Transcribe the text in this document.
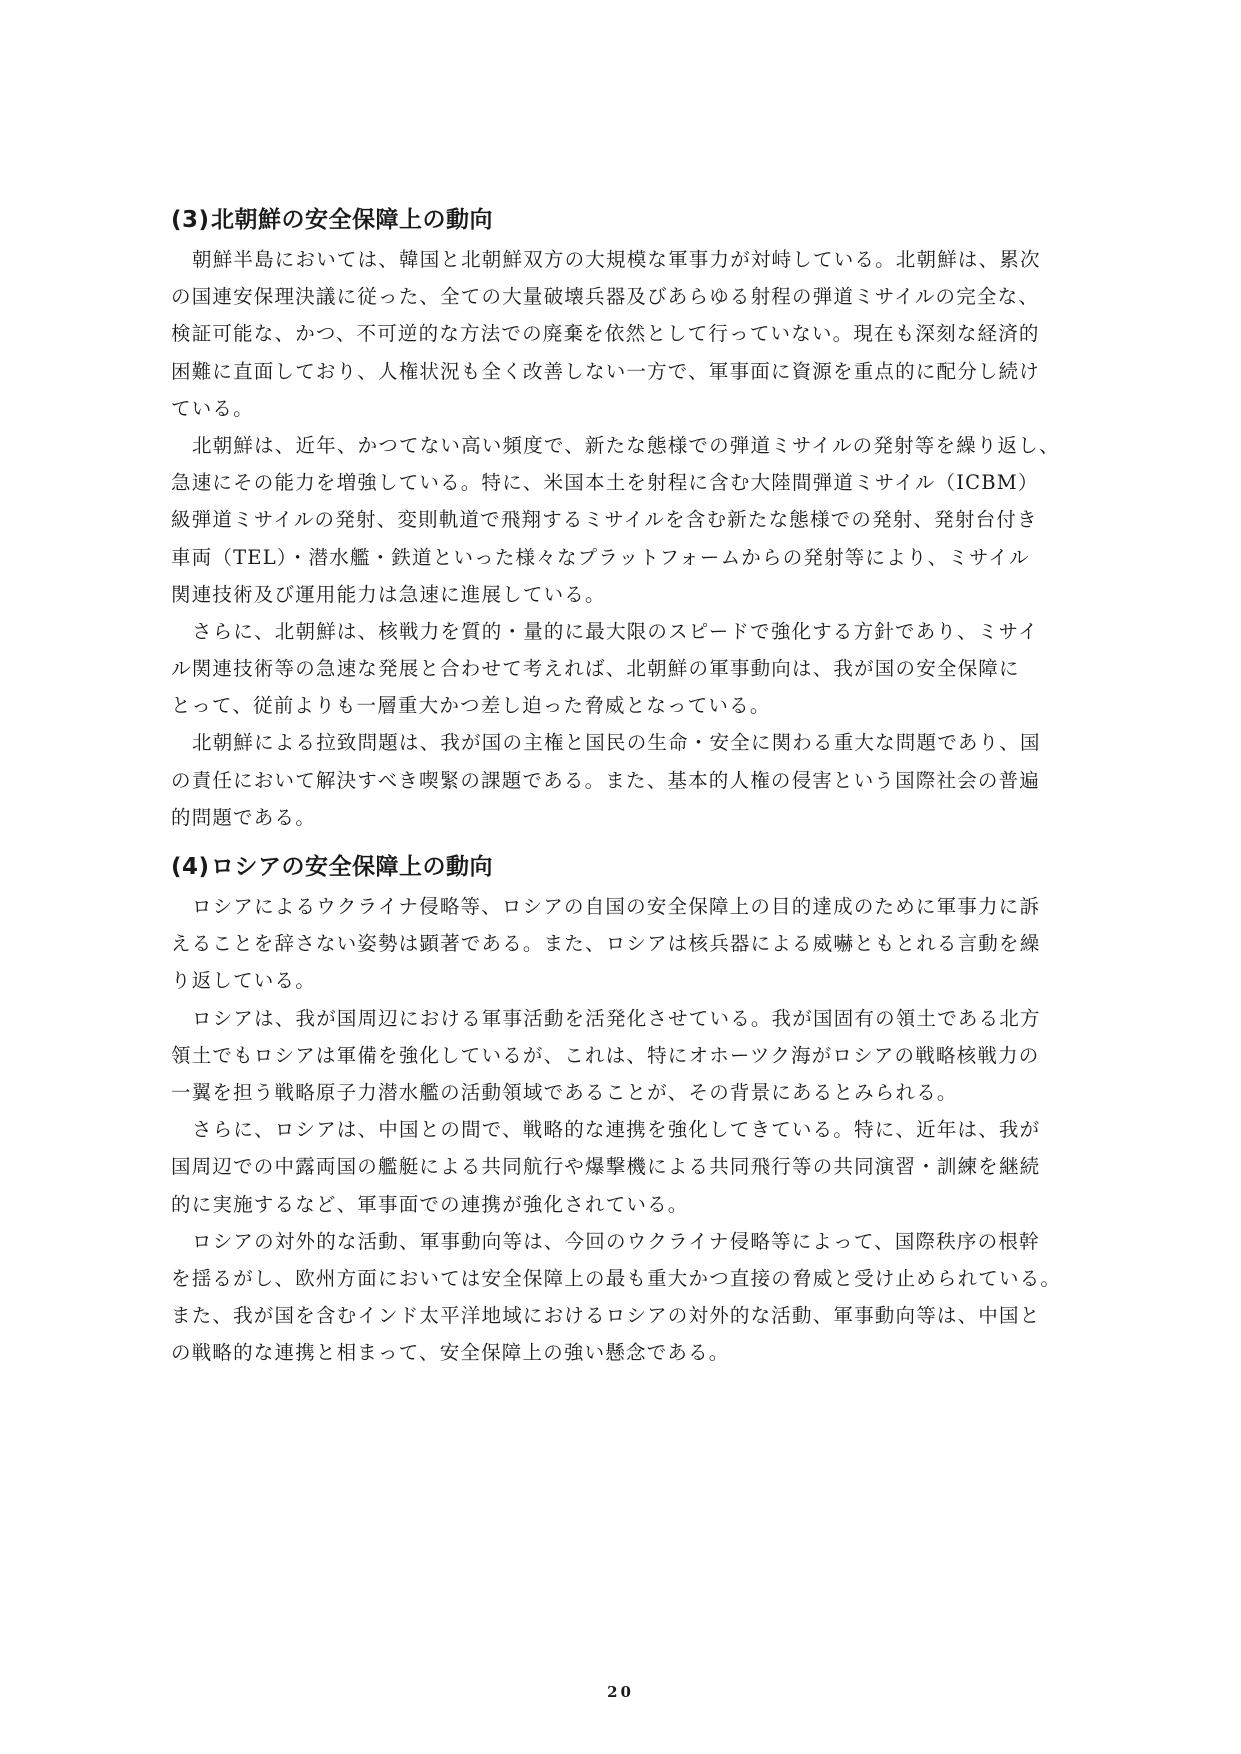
(3)北朝鮮の安全保障上の動向
朝鮮半島においては、韓国と北朝鮮双方の大規模な軍事力が対峙している。北朝鮮は、累次
の国連安保理決議に従った、全ての大量破壊兵器及びあらゆる射程の弾道ミサイルの完全な、
検証可能な、かつ、不可逆的な方法での廃棄を依然として行っていない。現在も深刻な経済的
困難に直面しており、人権状況も全く改善しない一方で、軍事面に資源を重点的に配分し続け
ている。
北朝鮮は、近年、かつてない高い頻度で、新たな態様での弾道ミサイルの発射等を繰り返し、
急速にその能力を増強している。特に、米国本土を射程に含む大陸間弾道ミサイル（ICBM）
級弾道ミサイルの発射、変則軌道で飛翔するミサイルを含む新たな態様での発射、発射台付き
車両（TEL）・潜水艦・鉄道といった様々なプラットフォームからの発射等により、ミサイル
関連技術及び運用能力は急速に進展している。
さらに、北朝鮮は、核戦力を質的・量的に最大限のスピードで強化する方針であり、ミサイ
ル関連技術等の急速な発展と合わせて考えれば、北朝鮮の軍事動向は、我が国の安全保障に
とって、従前よりも一層重大かつ差し迫った脅威となっている。
北朝鮮による拉致問題は、我が国の主権と国民の生命・安全に関わる重大な問題であり、国
の責任において解決すべき喫緊の課題である。また、基本的人権の侵害という国際社会の普遍
的問題である。
(4)ロシアの安全保障上の動向
ロシアによるウクライナ侵略等、ロシアの自国の安全保障上の目的達成のために軍事力に訴
えることを辞さない姿勢は顕著である。また、ロシアは核兵器による威嚇ともとれる言動を繰
り返している。
ロシアは、我が国周辺における軍事活動を活発化させている。我が国固有の領土である北方
領土でもロシアは軍備を強化しているが、これは、特にオホーツク海がロシアの戦略核戦力の
一翼を担う戦略原子力潜水艦の活動領域であることが、その背景にあるとみられる。
さらに、ロシアは、中国との間で、戦略的な連携を強化してきている。特に、近年は、我が
国周辺での中露両国の艦艇による共同航行や爆撃機による共同飛行等の共同演習・訓練を継続
的に実施するなど、軍事面での連携が強化されている。
ロシアの対外的な活動、軍事動向等は、今回のウクライナ侵略等によって、国際秩序の根幹
を揺るがし、欧州方面においては安全保障上の最も重大かつ直接の脅威と受け止められている。
また、我が国を含むインド太平洋地域におけるロシアの対外的な活動、軍事動向等は、中国と
の戦略的な連携と相まって、安全保障上の強い懸念である。
20
